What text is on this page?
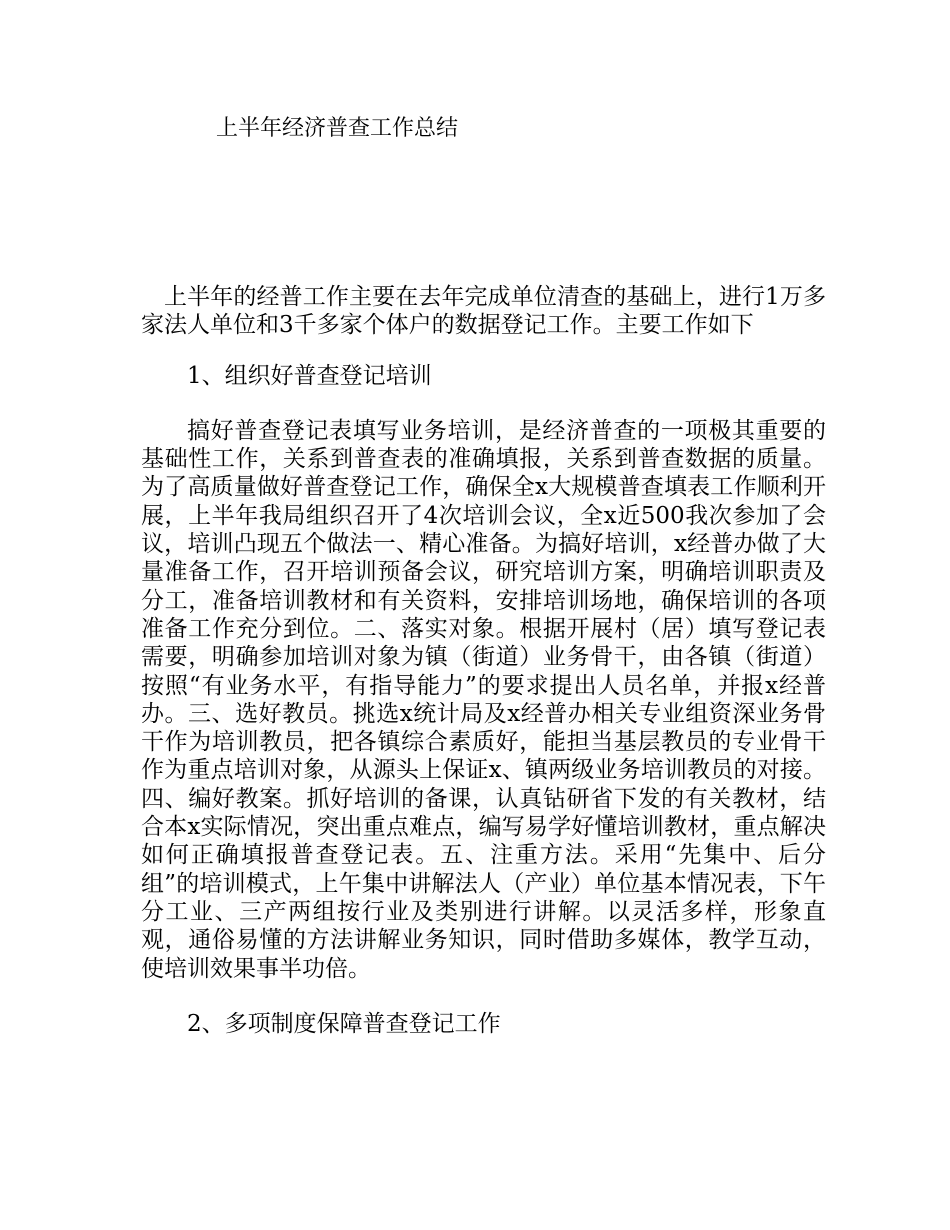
上半年经济普查工作总结

上半年的经普工作主要在去年完成单位清查的基础上，进行1万多家法人单位和3千多家个体户的数据登记工作。主要工作如下

1、组织好普查登记培训

搞好普查登记表填写业务培训，是经济普查的一项极其重要的基础性工作，关系到普查表的准确填报，关系到普查数据的质量。为了高质量做好普查登记工作，确保全x大规模普查填表工作顺利开展，上半年我局组织召开了4次培训会议，全x近500我次参加了会议，培训凸现五个做法一、精心准备。为搞好培训，x经普办做了大量准备工作，召开培训预备会议，研究培训方案，明确培训职责及分工，准备培训教材和有关资料，安排培训场地，确保培训的各项准备工作充分到位。二、落实对象。根据开展村（居）填写登记表需要，明确参加培训对象为镇（街道）业务骨干，由各镇（街道）按照“有业务水平，有指导能力”的要求提出人员名单，并报x经普办。三、选好教员。挑选x统计局及x经普办相关专业组资深业务骨干作为培训教员，把各镇综合素质好，能担当基层教员的专业骨干作为重点培训对象，从源头上保证x、镇两级业务培训教员的对接。四、编好教案。抓好培训的备课，认真钻研省下发的有关教材，结合本x实际情况，突出重点难点，编写易学好懂培训教材，重点解决如何正确填报普查登记表。五、注重方法。采用“先集中、后分组”的培训模式，上午集中讲解法人（产业）单位基本情况表，下午分工业、三产两组按行业及类别进行讲解。以灵活多样，形象直观，通俗易懂的方法讲解业务知识，同时借助多媒体，教学互动，使培训效果事半功倍。

2、多项制度保障普查登记工作
